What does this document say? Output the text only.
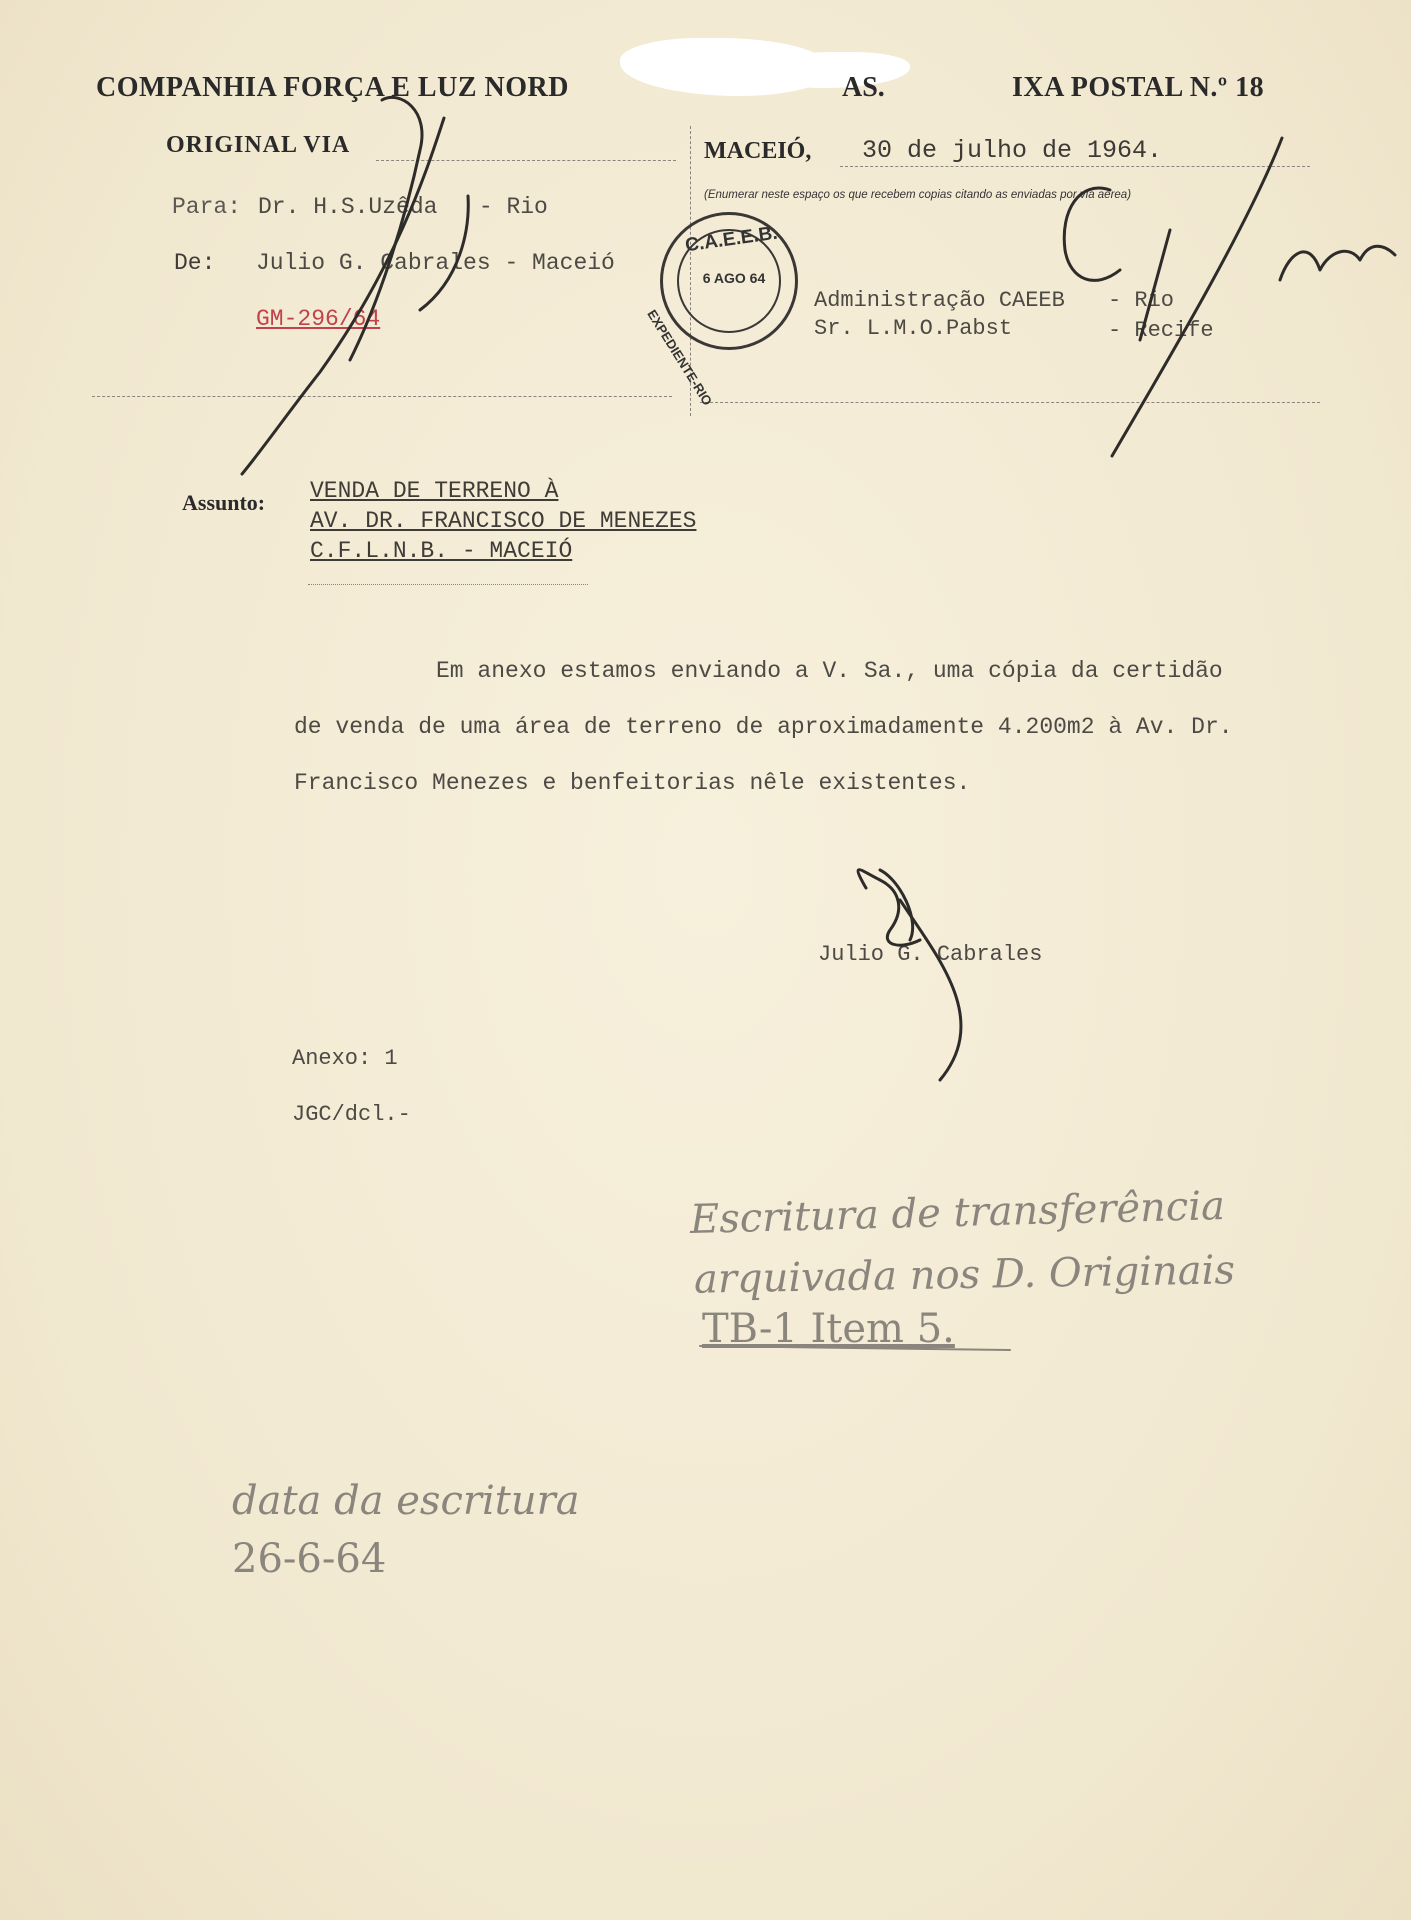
COMPANHIA FORÇA E LUZ NORD	AS.	IXA POSTAL N.º 18
ORIGINAL VIA
Para: Dr. H.S.Uzêda   - Rio
De: Julio G. Cabrales - Maceió
GM-296/64
MACEIÓ, 30 de julho de 1964.
(Enumerar neste espaço os que recebem copias citando as enviadas por via aérea)
Administração CAEEB - Rio
Sr. L.M.O.Pabst	- Recife
C.A.E.E.B.
6 AGO 64
EXPEDIENTE-RIO
Assunto: VENDA DE TERRENO À
AV. DR. FRANCISCO DE MENEZES
C.F.L.N.B. - MACEIÓ
Em anexo estamos enviando a V. Sa., uma cópia da certidão
de venda de uma área de terreno de aproximadamente 4.200m2 à Av. Dr.
Francisco Menezes e benfeitorias nêle existentes.
Julio G. Cabrales
Anexo: 1
JGC/dcl.-
Escritura de transferência
arquivada nos D. Originais
TB-1 Item 5.
data da escritura
26-6-64
